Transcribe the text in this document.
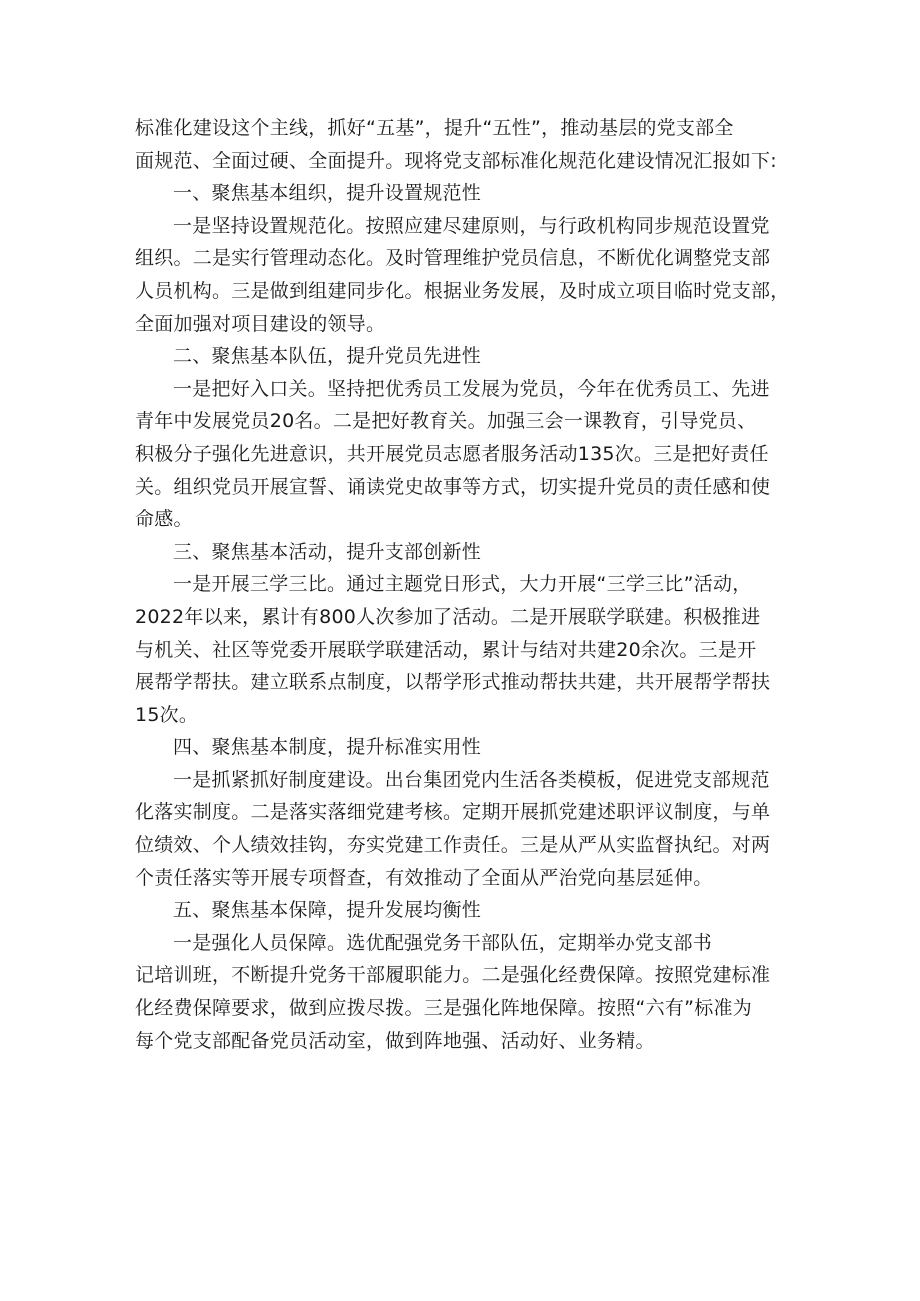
标准化建设这个主线，抓好“五基”，提升“五性”，推动基层的党支部全
面规范、全面过硬、全面提升。现将党支部标准化规范化建设情况汇报如下:
一、聚焦基本组织，提升设置规范性
一是坚持设置规范化。按照应建尽建原则，与行政机构同步规范设置党
组织。二是实行管理动态化。及时管理维护党员信息，不断优化调整党支部
人员机构。三是做到组建同步化。根据业务发展，及时成立项目临时党支部，
全面加强对项目建设的领导。
二、聚焦基本队伍，提升党员先进性
一是把好入口关。坚持把优秀员工发展为党员，今年在优秀员工、先进
青年中发展党员20名。二是把好教育关。加强三会一课教育，引导党员、
积极分子强化先进意识，共开展党员志愿者服务活动135次。三是把好责任
关。组织党员开展宣誓、诵读党史故事等方式，切实提升党员的责任感和使
命感。
三、聚焦基本活动，提升支部创新性
一是开展三学三比。通过主题党日形式，大力开展“三学三比”活动，
2022年以来，累计有800人次参加了活动。二是开展联学联建。积极推进
与机关、社区等党委开展联学联建活动，累计与结对共建20余次。三是开
展帮学帮扶。建立联系点制度，以帮学形式推动帮扶共建，共开展帮学帮扶
15次。
四、聚焦基本制度，提升标准实用性
一是抓紧抓好制度建设。出台集团党内生活各类模板，促进党支部规范
化落实制度。二是落实落细党建考核。定期开展抓党建述职评议制度，与单
位绩效、个人绩效挂钩，夯实党建工作责任。三是从严从实监督执纪。对两
个责任落实等开展专项督查，有效推动了全面从严治党向基层延伸。
五、聚焦基本保障，提升发展均衡性
一是强化人员保障。选优配强党务干部队伍，定期举办党支部书
记培训班，不断提升党务干部履职能力。二是强化经费保障。按照党建标准
化经费保障要求，做到应拨尽拨。三是强化阵地保障。按照“六有”标准为
每个党支部配备党员活动室，做到阵地强、活动好、业务精。
